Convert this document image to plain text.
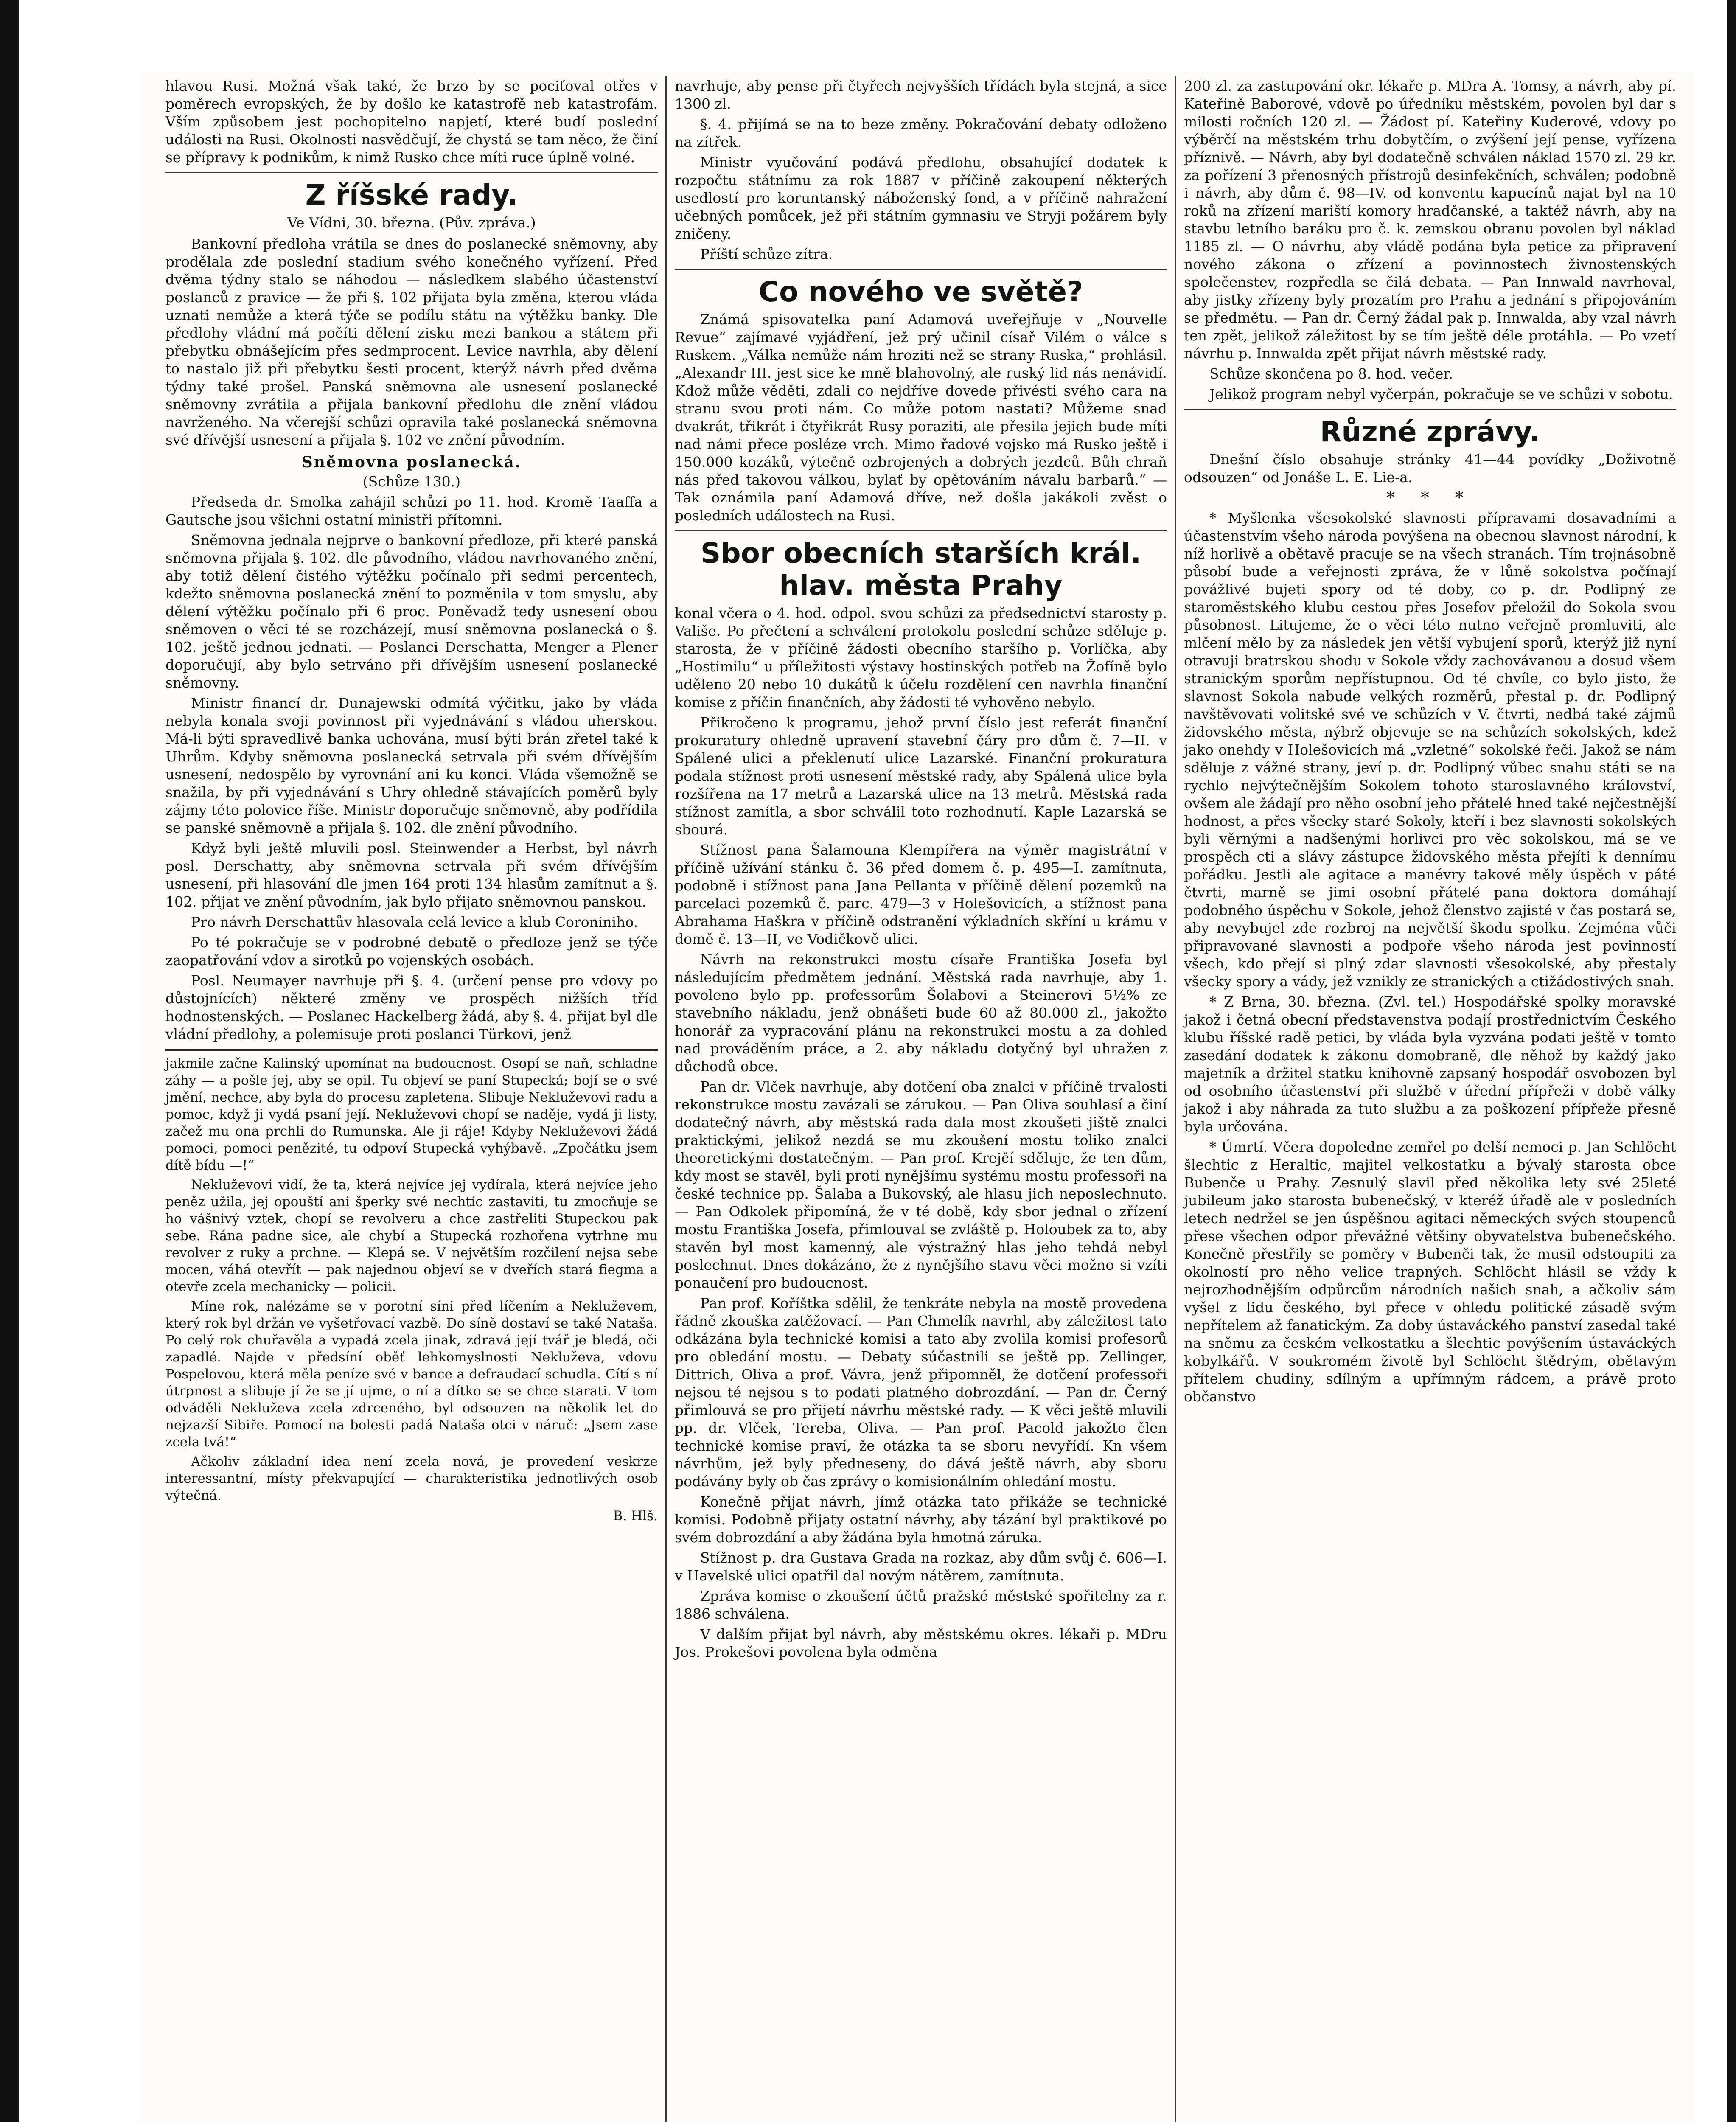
hlavou Rusi. Možná však také, že brzo by se pociťoval otřes v poměrech evropských, že by došlo ke katastrofě neb katastrofám. Vším způsobem jest pochopitelno napjetí, které budí poslední události na Rusi. Okolnosti nasvědčují, že chystá se tam něco, že činí se přípravy k podnikům, k nimž Rusko chce míti ruce úplně volné.

Z říšské rady.
Ve Vídni, 30. března. (Pův. zpráva.)

Bankovní předloha vrátila se dnes do poslanecké sněmovny, aby prodělala zde poslední stadium svého konečného vyřízení. Před dvěma týdny stalo se náhodou — následkem slabého účastenství poslanců z pravice — že při §. 102 přijata byla změna, kterou vláda uznati nemůže a která týče se podílu státu na výtěžku banky. Dle předlohy vládní má počíti dělení zisku mezi bankou a státem při přebytku obnášejícím přes sedmprocent. Levice navrhla, aby dělení to nastalo již při přebytku šesti procent, kterýž návrh před dvěma týdny také prošel. Panská sněmovna ale usnesení poslanecké sněmovny zvrátila a přijala bankovní předlohu dle znění vládou navrženého. Na včerejší schůzi opravila také poslanecká sněmovna své dřívější usnesení a přijala §. 102 ve znění původním.

Sněmovna poslanecká.
(Schůze 130.)

Předseda dr. Smolka zahájil schůzi po 11. hod. Kromě Taaffa a Gautsche jsou všichni ostatní ministři přítomni.

Sněmovna jednala nejprve o bankovní předloze, při které panská sněmovna přijala §. 102. dle původního, vládou navrhovaného znění, aby totiž dělení čistého výtěžku počínalo při sedmi percentech, kdežto sněmovna poslanecká znění to pozměnila v tom smyslu, aby dělení výtěžku počínalo při 6 proc. Poněvadž tedy usnesení obou sněmoven o věci té se rozcházejí, musí sněmovna poslanecká o §. 102. ještě jednou jednati. — Poslanci Derschatta, Menger a Plener doporučují, aby bylo setrváno při dřívějším usnesení poslanecké sněmovny.

Ministr financí dr. Dunajewski odmítá výčitku, jako by vláda nebyla konala svoji povinnost při vyjednávání s vládou uherskou. Má-li býti spravedlivě banka uchována, musí býti brán zřetel také k Uhrům. Kdyby sněmovna poslanecká setrvala při svém dřívějším usnesení, nedospělo by vyrovnání ani ku konci. Vláda všemožně se snažila, by při vyjednávání s Uhry ohledně stávajících poměrů byly zájmy této polovice říše. Ministr doporučuje sněmovně, aby podřídila se panské sněmovně a přijala §. 102. dle znění původního.

Když byli ještě mluvili posl. Steinwender a Herbst, byl návrh posl. Derschatty, aby sněmovna setrvala při svém dřívějším usnesení, při hlasování dle jmen 164 proti 134 hlasům zamítnut a §. 102. přijat ve znění původním, jak bylo přijato sněmovnou panskou.

Pro návrh Derschattův hlasovala celá levice a klub Coroniniho.

Po té pokračuje se v podrobné debatě o předloze jenž se týče zaopatřování vdov a sirotků po vojenských osobách.

Posl. Neumayer navrhuje při §. 4. (určení pense pro vdovy po důstojnících) některé změny ve prospěch nižších tříd hodnostenských. — Poslanec Hackelberg žádá, aby §. 4. přijat byl dle vládní předlohy, a polemisuje proti poslanci Türkovi, jenž

jakmile začne Kalinský upomínat na budoucnost. Osopí se naň, schladne záhy — a pošle jej, aby se opil. Tu objeví se paní Stupecká; bojí se o své jmění, nechce, aby byla do procesu zapletena. Slibuje Nekluževovi radu a pomoc, když ji vydá psaní její. Nekluževovi chopí se naděje, vydá ji listy, začež mu ona prchli do Rumunska. Ale ji ráje! Kdyby Nekluževovi žádá pomoci, pomoci penězité, tu odpoví Stupecká vyhýbavě. „Zpočátku jsem dítě bídu —!“

Nekluževovi vidí, že ta, která nejvíce jej vydírala, která nejvíce jeho peněz užila, jej opouští ani šperky své nechtíc zastaviti, tu zmocňuje se ho vášnivý vztek, chopí se revolveru a chce zastřeliti Stupeckou pak sebe. Rána padne sice, ale chybí a Stupecká rozhořena vytrhne mu revolver z ruky a prchne. — Klepá se. V největším rozčilení nejsa sebe mocen, váhá otevřít — pak najednou objeví se v dveřích stará fiegma a otevře zcela mechanicky — policii.

Míne rok, nalézáme se v porotní síni před líčením a Nekluževem, který rok byl držán ve vyšetřovací vazbě. Do síně dostaví se také Nataša. Po celý rok chuřavěla a vypadá zcela jinak, zdravá její tvář je bledá, oči zapadlé. Najde v předsíní oběť lehkomyslnosti Nekluževa, vdovu Pospelovou, která měla peníze své v bance a defraudací schudla. Cítí s ní útrpnost a slibuje jí že se jí ujme, o ní a dítko se se chce starati. V tom odváděli Nekluževa zcela zdrceného, byl odsouzen na několik let do nejzazší Sibiře. Pomocí na bolesti padá Nataša otci v náruč: „Jsem zase zcela tvá!“

Ačkoliv základní idea není zcela nová, je provedení veskrze interessantní, místy překvapující — charakteristika jednotlivých osob výtečná.

B. Hlš.

navrhuje, aby pense při čtyřech nejvyšších třídách byla stejná, a sice 1300 zl.

§. 4. přijímá se na to beze změny. Pokračování debaty odloženo na zítřek.

Ministr vyučování podává předlohu, obsahující dodatek k rozpočtu státnímu za rok 1887 v příčině zakoupení některých usedlostí pro koruntanský náboženský fond, a v příčině nahražení učebných pomůcek, jež při státním gymnasiu ve Stryji požárem byly zničeny.

Příští schůze zítra.

Co nového ve světě?

Známá spisovatelka paní Adamová uveřejňuje v „Nouvelle Revue“ zajímavé vyjádření, jež prý učinil císař Vilém o válce s Ruskem. „Válka nemůže nám hroziti než se strany Ruska,“ prohlásil. „Alexandr III. jest sice ke mně blahovolný, ale ruský lid nás nenávidí. Kdož může věděti, zdali co nejdříve dovede přivésti svého cara na stranu svou proti nám. Co může potom nastati? Můžeme snad dvakrát, třikrát i čtyřikrát Rusy poraziti, ale přesila jejich bude míti nad námi přece posléze vrch. Mimo řadové vojsko má Rusko ještě i 150.000 kozáků, výtečně ozbrojených a dobrých jezdců. Bůh chraň nás před takovou válkou, bylať by opětováním návalu barbarů.“ — Tak oznámila paní Adamová dříve, než došla jakákoli zvěst o posledních událostech na Rusi.

Sbor obecních starších král. hlav. města Prahy

konal včera o 4. hod. odpol. svou schůzi za předsednictví starosty p. Vališe. Po přečtení a schválení protokolu poslední schůze sděluje p. starosta, že v příčině žádosti obecního staršího p. Vorlíčka, aby „Hostimilu“ u příležitosti výstavy hostinských potřeb na Žofíně bylo uděleno 20 nebo 10 dukátů k účelu rozdělení cen navrhla finanční komise z příčin finančních, aby žádosti té vyhověno nebylo.

Přikročeno k programu, jehož první číslo jest referát finanční prokuratury ohledně upravení stavební čáry pro dům č. 7—II. v Spálené ulici a překlenutí ulice Lazarské. Finanční prokuratura podala stížnost proti usnesení městské rady, aby Spálená ulice byla rozšířena na 17 metrů a Lazarská ulice na 13 metrů. Městská rada stížnost zamítla, a sbor schválil toto rozhodnutí. Kaple Lazarská se sbourá.

Stížnost pana Šalamouna Klempířera na výměr magistrátní v příčině užívání stánku č. 36 před domem č. p. 495—I. zamítnuta, podobně i stížnost pana Jana Pellanta v příčině dělení pozemků na parcelaci pozemků č. parc. 479—3 v Holešovicích, a stížnost pana Abrahama Haškra v příčině odstranění výkladních skříní u krámu v domě č. 13—II, ve Vodičkově ulici.

Návrh na rekonstrukci mostu císaře Františka Josefa byl následujícím předmětem jednání. Městská rada navrhuje, aby 1. povoleno bylo pp. professorům Šolabovi a Steinerovi 5½% ze stavebního nákladu, jenž obnášeti bude 60 až 80.000 zl., jakožto honorář za vypracování plánu na rekonstrukci mostu a za dohled nad prováděním práce, a 2. aby nákladu dotyčný byl uhražen z důchodů obce.

Pan dr. Vlček navrhuje, aby dotčení oba znalci v příčině trvalosti rekonstrukce mostu zavázali se zárukou. — Pan Oliva souhlasí a činí dodatečný návrh, aby městská rada dala most zkoušeti jiště znalci praktickými, jelikož nezdá se mu zkoušení mostu toliko znalci theoretickými dostatečným. — Pan prof. Krejčí sděluje, že ten dům, kdy most se stavěl, byli proti nynějšímu systému mostu professoři na české technice pp. Šalaba a Bukovský, ale hlasu jich neposlechnuto. — Pan Odkolek připomíná, že v té době, kdy sbor jednal o zřízení mostu Františka Josefa, přimlouval se zvláště p. Holoubek za to, aby stavěn byl most kamenný, ale výstražný hlas jeho tehdá nebyl poslechnut. Dnes dokázáno, že z nynějšího stavu věci možno si vzíti ponaučení pro budoucnost.

Pan prof. Koříštka sdělil, že tenkráte nebyla na mostě provedena řádně zkouška zatěžovací. — Pan Chmelík navrhl, aby záležitost tato odkázána byla technické komisi a tato aby zvolila komisi profesorů pro obledání mostu. — Debaty súčastnili se ještě pp. Zellinger, Dittrich, Oliva a prof. Vávra, jenž připomněl, že dotčení professoři nejsou té nejsou s to podati platného dobrozdání. — Pan dr. Černý přimlouvá se pro přijetí návrhu městské rady. — K věci ještě mluvili pp. dr. Vlček, Tereba, Oliva. — Pan prof. Pacold jakožto člen technické komise praví, že otázka ta se sboru nevyřídí. Kn všem návrhům, jež byly předneseny, do dává ještě návrh, aby sboru podávány byly ob čas zprávy o komisionálním ohledání mostu.

Konečně přijat návrh, jímž otázka tato přikáže se technické komisi. Podobně přijaty ostatní návrhy, aby tázání byl praktikové po svém dobrozdání a aby žádána byla hmotná záruka.

Stížnost p. dra Gustava Grada na rozkaz, aby dům svůj č. 606—I. v Havelské ulici opatřil dal novým nátěrem, zamítnuta.

Zpráva komise o zkoušení účtů pražské městské spořitelny za r. 1886 schválena.

V dalším přijat byl návrh, aby městskému okres. lékaři p. MDru Jos. Prokešovi povolena byla odměna

200 zl. za zastupování okr. lékaře p. MDra A. Tomsy, a návrh, aby pí. Kateřině Baborové, vdově po úředníku městském, povolen byl dar s milosti ročních 120 zl. — Žádost pí. Kateřiny Kuderové, vdovy po výběrčí na městském trhu dobytčím, o zvýšení její pense, vyřízena příznivě. — Návrh, aby byl dodatečně schválen náklad 1570 zl. 29 kr. za pořízení 3 přenosných přístrojů desinfekčních, schválen; podobně i návrh, aby dům č. 98—IV. od konventu kapucínů najat byl na 10 roků na zřízení mariští komory hradčanské, a taktéž návrh, aby na stavbu letního baráku pro č. k. zemskou obranu povolen byl náklad 1185 zl. — O návrhu, aby vládě podána byla petice za připravení nového zákona o zřízení a povinnostech živnostenských společenstev, rozpředla se čilá debata. — Pan Innwald navrhoval, aby jistky zřízeny byly prozatím pro Prahu a jednání s připojováním se předmětu. — Pan dr. Černý žádal pak p. Innwalda, aby vzal návrh ten zpět, jelikož záležitost by se tím ještě déle protáhla. — Po vzetí návrhu p. Innwalda zpět přijat návrh městské rady.

Schůze skončena po 8. hod. večer.

Jelikož program nebyl vyčerpán, pokračuje se ve schůzi v sobotu.

Různé zprávy.

Dnešní číslo obsahuje stránky 41—44 povídky „Doživotně odsouzen“ od Jonáše L. E. Lie-a.

* * *

* Myšlenka všesokolské slavnosti přípravami dosavadními a účastenstvím všeho národa povýšena na obecnou slavnost národní, k níž horlivě a obětavě pracuje se na všech stranách. Tím trojnásobně působí bude a veřejnosti zpráva, že v lůně sokolstva počínají povážlivé bujeti spory od té doby, co p. dr. Podlipný ze staroměstského klubu cestou přes Josefov přeložil do Sokola svou působnost. Litujeme, že o věci této nutno veřejně promluviti, ale mlčení mělo by za následek jen větší vybujení sporů, kterýž již nyní otravuji bratrskou shodu v Sokole vždy zachovávanou a dosud všem stranickým sporům nepřístupnou. Od té chvíle, co bylo jisto, že slavnost Sokola nabude velkých rozměrů, přestal p. dr. Podlipný navštěvovati volitské své ve schůzích v V. čtvrti, nedbá také zájmů židovského města, nýbrž objevuje se na schůzích sokolských, kdež jako onehdy v Holešovicích má „vzletné“ sokolské řeči. Jakož se nám sděluje z vážné strany, jeví p. dr. Podlipný vůbec snahu státi se na rychlo nejvýtečnějším Sokolem tohoto staroslavného království, ovšem ale žádají pro něho osobní jeho přátelé hned také nejčestnější hodnost, a přes všecky staré Sokoly, kteří i bez slavnosti sokolských byli věrnými a nadšenými horlivci pro věc sokolskou, má se ve prospěch cti a slávy zástupce židovského města přejíti k dennímu pořádku. Jestli ale agitace a manévry takové měly úspěch v páté čtvrti, marně se jimi osobní přátelé pana doktora domáhají podobného úspěchu v Sokole, jehož členstvo zajisté v čas postará se, aby nevybujel zde rozbroj na největší škodu spolku. Zejména vůči připravované slavnosti a podpoře všeho národa jest povinností všech, kdo přejí si plný zdar slavnosti všesokolské, aby přestaly všecky spory a vády, jež vznikly ze stranických a ctižádostivých snah.

* Z Brna, 30. března. (Zvl. tel.) Hospodářské spolky moravské jakož i četná obecní představenstva podají prostřednictvím Českého klubu říšské radě petici, by vláda byla vyzvána podati ještě v tomto zasedání dodatek k zákonu domobraně, dle něhož by každý jako majetník a držitel statku knihovně zapsaný hospodář osvobozen byl od osobního účastenství při službě v úřední přípřeži v době války jakož i aby náhrada za tuto službu a za poškození přípřeže přesně byla určována.

* Úmrtí. Včera dopoledne zemřel po delší nemoci p. Jan Schlöcht šlechtic z Heraltic, majitel velkostatku a bývalý starosta obce Bubenče u Prahy. Zesnulý slavil před několika lety své 25leté jubileum jako starosta bubenečský, v kteréž úřadě ale v posledních letech nedržel se jen úspěšnou agitaci německých svých stoupenců přese všechen odpor převážné většiny obyvatelstva bubenečského. Konečně přestřily se poměry v Bubenči tak, že musil odstoupiti za okolností pro něho velice trapných. Schlöcht hlásil se vždy k nejrozhodnějším odpůrcům národních našich snah, a ačkoliv sám vyšel z lidu českého, byl přece v ohledu politické zásadě svým nepřítelem až fanatickým. Za doby ústaváckého panství zasedal také na sněmu za českém velkostatku a šlechtic povýšením ústaváckých kobylkářů. V soukromém životě byl Schlöcht štědrým, obětavým přítelem chudiny, sdílným a upřímným rádcem, a právě proto občanstvo
